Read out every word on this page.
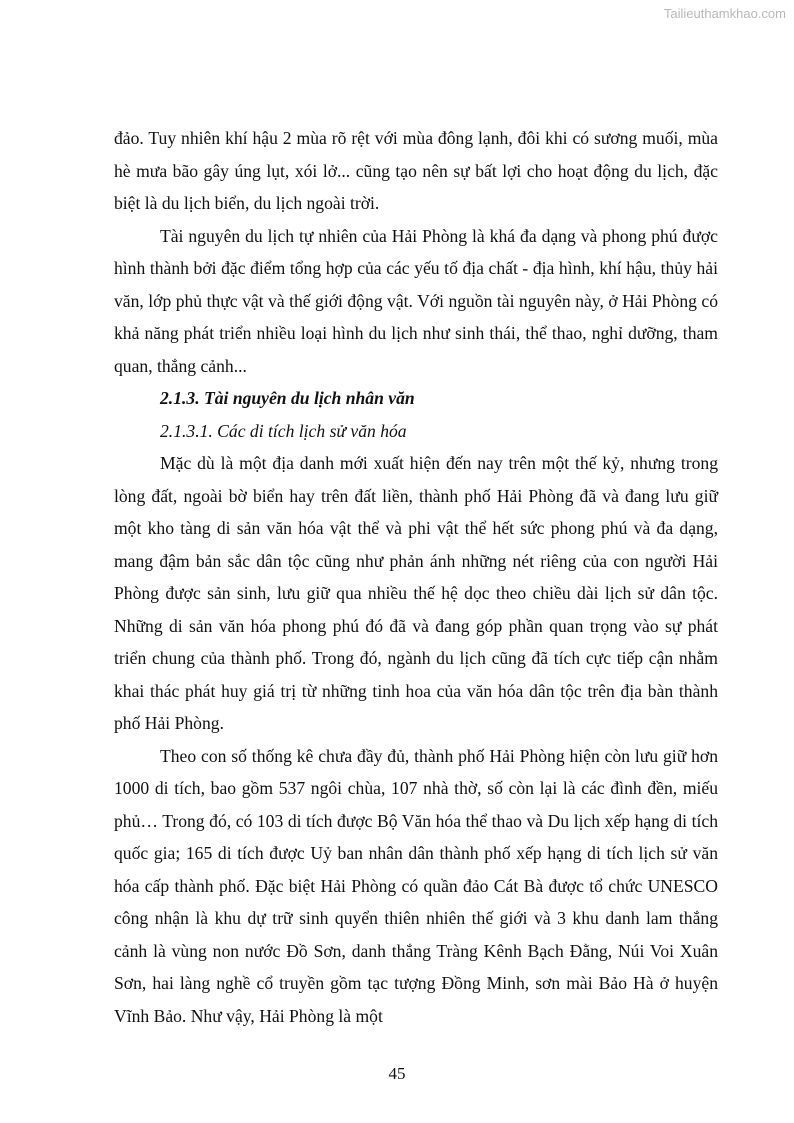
Tailieuthamkhao.com

đảo. Tuy nhiên khí hậu 2 mùa rõ rệt với mùa đông lạnh, đôi khi có sương muối, mùa hè mưa bão gây úng lụt, xói lở... cũng tạo nên sự bất lợi cho hoạt động du lịch, đặc biệt là du lịch biển, du lịch ngoài trời.

Tài nguyên du lịch tự nhiên của Hải Phòng là khá đa dạng và phong phú được hình thành bởi đặc điểm tổng hợp của các yếu tố địa chất - địa hình, khí hậu, thủy hải văn, lớp phủ thực vật và thế giới động vật. Với nguồn tài nguyên này, ở Hải Phòng có khả năng phát triển nhiều loại hình du lịch như sinh thái, thể thao, nghỉ dưỡng, tham quan, thắng cảnh...

2.1.3. Tài nguyên du lịch nhân văn

2.1.3.1. Các di tích lịch sử văn hóa

Mặc dù là một địa danh mới xuất hiện đến nay trên một thế kỷ, nhưng trong lòng đất, ngoài bờ biển hay trên đất liền, thành phố Hải Phòng đã và đang lưu giữ một kho tàng di sản văn hóa vật thể và phi vật thể hết sức phong phú và đa dạng, mang đậm bản sắc dân tộc cũng như phản ánh những nét riêng của con người Hải Phòng được sản sinh, lưu giữ qua nhiều thế hệ dọc theo chiều dài lịch sử dân tộc. Những di sản văn hóa phong phú đó đã và đang góp phần quan trọng vào sự phát triển chung của thành phố. Trong đó, ngành du lịch cũng đã tích cực tiếp cận nhằm khai thác phát huy giá trị từ những tinh hoa của văn hóa dân tộc trên địa bàn thành phố Hải Phòng.

Theo con số thống kê chưa đầy đủ, thành phố Hải Phòng hiện còn lưu giữ hơn 1000 di tích, bao gồm 537 ngôi chùa, 107 nhà thờ, số còn lại là các đình đền, miếu phủ… Trong đó, có 103 di tích được Bộ Văn hóa thể thao và Du lịch xếp hạng di tích quốc gia; 165 di tích được Uỷ ban nhân dân thành phố xếp hạng di tích lịch sử văn hóa cấp thành phố. Đặc biệt Hải Phòng có quần đảo Cát Bà được tổ chức UNESCO công nhận là khu dự trữ sinh quyển thiên nhiên thế giới và 3 khu danh lam thắng cảnh là vùng non nước Đồ Sơn, danh thắng Tràng Kênh Bạch Đằng, Núi Voi Xuân Sơn, hai làng nghề cổ truyền gồm tạc tượng Đồng Minh, sơn mài Bảo Hà ở huyện Vĩnh Bảo. Như vậy, Hải Phòng là một

45
